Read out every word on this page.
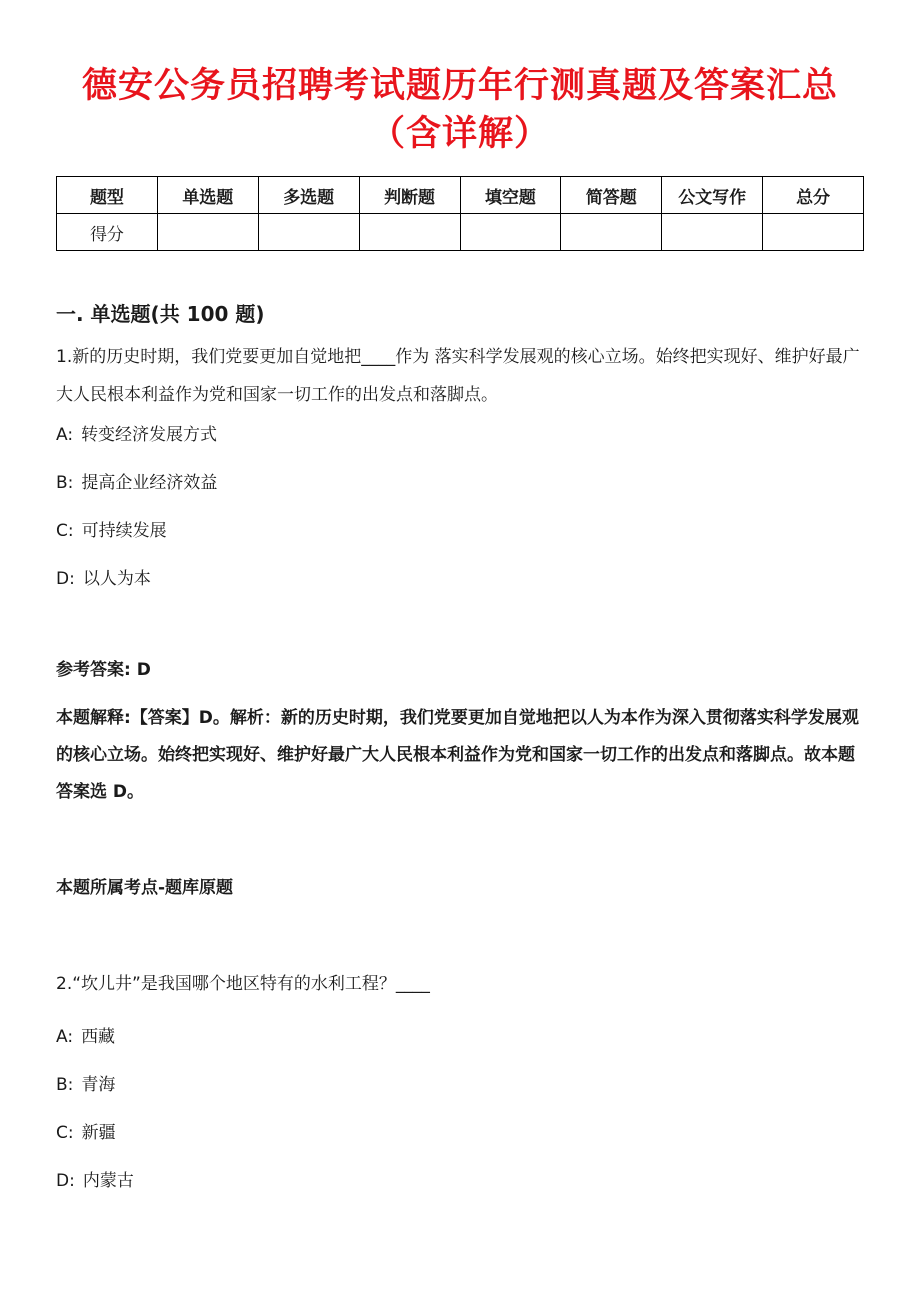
德安公务员招聘考试题历年行测真题及答案汇总
（含详解）
题型	单选题	多选题	判断题	填空题	简答题	公文写作	总分
得分							
一. 单选题(共 100 题)

1.新的历史时期，我们党要更加自觉地把____作为 落实科学发展观的核心立场。始终把实现好、维护好最广大人民根本利益作为党和国家一切工作的出发点和落脚点。

A: 转变经济发展方式
B: 提高企业经济效益
C: 可持续发展
D: 以人为本

参考答案: D

本题解释:【答案】D。解析：新的历史时期，我们党要更加自觉地把以人为本作为深入贯彻落实科学发展观的核心立场。始终把实现好、维护好最广大人民根本利益作为党和国家一切工作的出发点和落脚点。故本题答案选 D。

本题所属考点-题库原题

2.“坎儿井”是我国哪个地区特有的水利工程？____

A: 西藏
B: 青海
C: 新疆
D: 内蒙古
